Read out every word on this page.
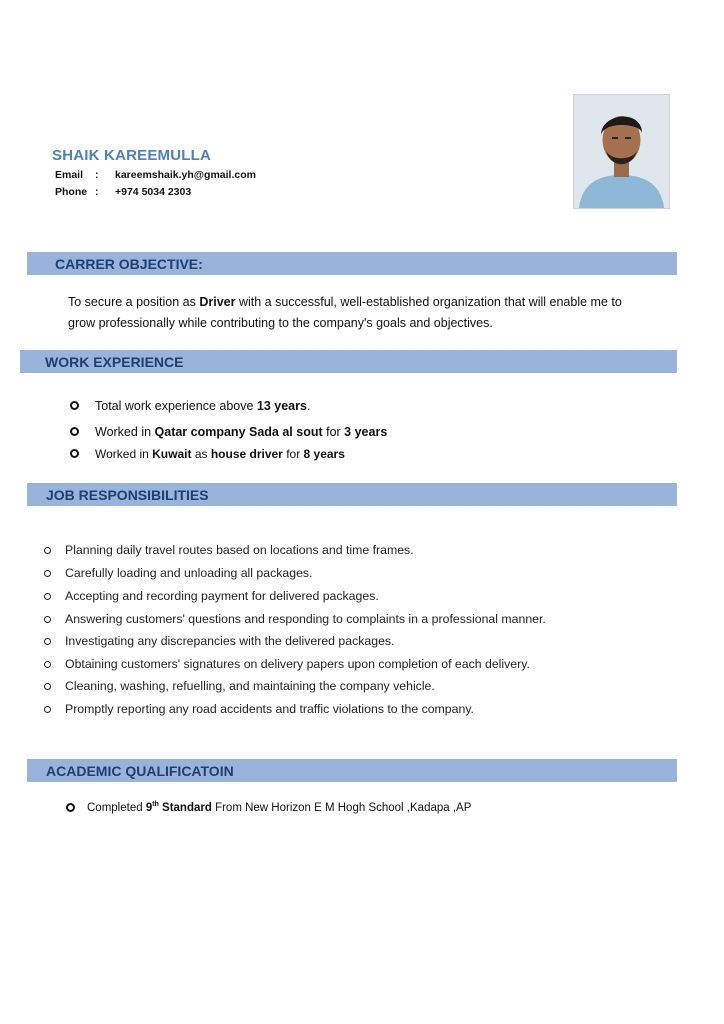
SHAIK KAREEMULLA
Email : kareemshaik.yh@gmail.com
Phone : +974 5034 2303
CARRER OBJECTIVE:
To secure a position as Driver with a successful, well-established organization that will enable me to
grow professionally while contributing to the company's goals and objectives.
WORK EXPERIENCE
Total work experience above 13 years.
Worked in Qatar company Sada al sout for 3 years
Worked in Kuwait as house driver for 8 years
JOB RESPONSIBILITIES
Planning daily travel routes based on locations and time frames.
Carefully loading and unloading all packages.
Accepting and recording payment for delivered packages.
Answering customers' questions and responding to complaints in a professional manner.
Investigating any discrepancies with the delivered packages.
Obtaining customers' signatures on delivery papers upon completion of each delivery.
Cleaning, washing, refuelling, and maintaining the company vehicle.
Promptly reporting any road accidents and traffic violations to the company.
ACADEMIC QUALIFICATOIN
Completed 9th Standard From New Horizon E M Hogh School ,Kadapa ,AP
